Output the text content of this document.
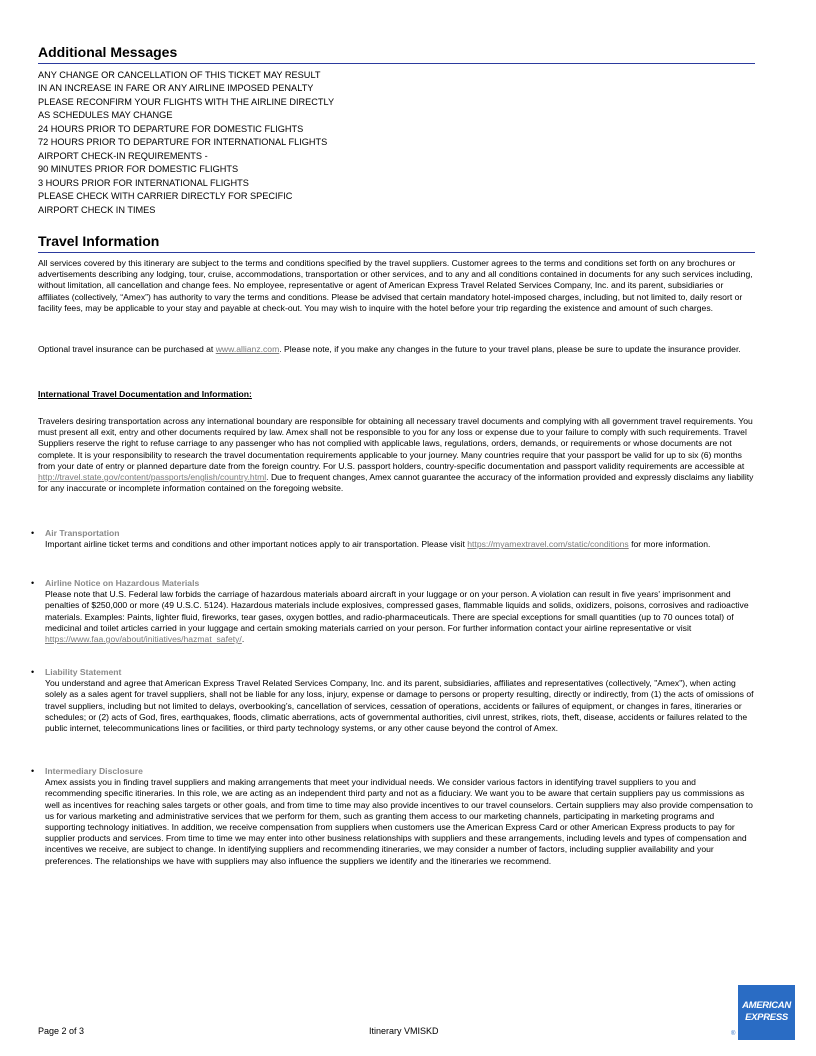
Additional Messages
ANY CHANGE OR CANCELLATION OF THIS TICKET MAY RESULT
IN AN INCREASE IN FARE OR ANY AIRLINE IMPOSED PENALTY
PLEASE RECONFIRM YOUR FLIGHTS WITH THE AIRLINE DIRECTLY
AS SCHEDULES MAY CHANGE
24 HOURS PRIOR TO DEPARTURE FOR DOMESTIC FLIGHTS
72 HOURS PRIOR TO DEPARTURE FOR INTERNATIONAL FLIGHTS
AIRPORT CHECK-IN REQUIREMENTS -
90 MINUTES PRIOR FOR DOMESTIC FLIGHTS
3 HOURS PRIOR FOR INTERNATIONAL FLIGHTS
PLEASE CHECK WITH CARRIER DIRECTLY FOR SPECIFIC
AIRPORT CHECK IN TIMES
Travel Information

All services covered by this itinerary are subject to the terms and conditions specified by the travel suppliers. Customer agrees to the terms and conditions set forth on any brochures or advertisements describing any lodging, tour, cruise, accommodations, transportation or other services, and to any and all conditions contained in documents for any such services including, without limitation, all cancellation and change fees. No employee, representative or agent of American Express Travel Related Services Company, Inc. and its parent, subsidiaries or affiliates (collectively, “Amex”) has authority to vary the terms and conditions. Please be advised that certain mandatory hotel-imposed charges, including, but not limited to, daily resort or facility fees, may be applicable to your stay and payable at check-out. You may wish to inquire with the hotel before your trip regarding the existence and amount of such charges.

Optional travel insurance can be purchased at www.allianz.com. Please note, if you make any changes in the future to your travel plans, please be sure to update the insurance provider.

International Travel Documentation and Information:

Travelers desiring transportation across any international boundary are responsible for obtaining all necessary travel documents and complying with all government travel requirements. You must present all exit, entry and other documents required by law. Amex shall not be responsible to you for any loss or expense due to your failure to comply with such requirements. Travel Suppliers reserve the right to refuse carriage to any passenger who has not complied with applicable laws, regulations, orders, demands, or requirements or whose documents are not complete. It is your responsibility to research the travel documentation requirements applicable to your journey. Many countries require that your passport be valid for up to six (6) months from your date of entry or planned departure date from the foreign country. For U.S. passport holders, country-specific documentation and passport validity requirements are accessible at http://travel.state.gov/content/passports/english/country.html. Due to frequent changes, Amex cannot guarantee the accuracy of the information provided and expressly disclaims any liability for any inaccurate or incomplete information contained on the foregoing website.

• Air Transportation
Important airline ticket terms and conditions and other important notices apply to air transportation. Please visit https://myamextravel.com/static/conditions for more information.
• Airline Notice on Hazardous Materials
Please note that U.S. Federal law forbids the carriage of hazardous materials aboard aircraft in your luggage or on your person. A violation can result in five years' imprisonment and penalties of $250,000 or more (49 U.S.C. 5124). Hazardous materials include explosives, compressed gases, flammable liquids and solids, oxidizers, poisons, corrosives and radioactive materials. Examples: Paints, lighter fluid, fireworks, tear gases, oxygen bottles, and radio-pharmaceuticals. There are special exceptions for small quantities (up to 70 ounces total) of medicinal and toilet articles carried in your luggage and certain smoking materials carried on your person. For further information contact your airline representative or visit https://www.faa.gov/about/initiatives/hazmat_safety/.
• Liability Statement
You understand and agree that American Express Travel Related Services Company, Inc. and its parent, subsidiaries, affiliates and representatives (collectively, "Amex"), when acting solely as a sales agent for travel suppliers, shall not be liable for any loss, injury, expense or damage to persons or property resulting, directly or indirectly, from (1) the acts of omissions of travel suppliers, including but not limited to delays, overbooking’s, cancellation of services, cessation of operations, accidents or failures of equipment, or changes in fares, itineraries or schedules; or (2) acts of God, fires, earthquakes, floods, climatic aberrations, acts of governmental authorities, civil unrest, strikes, riots, theft, disease, accidents or failures related to the public internet, telecommunications lines or facilities, or third party technology systems, or any other cause beyond the control of Amex.
• Intermediary Disclosure
Amex assists you in finding travel suppliers and making arrangements that meet your individual needs. We consider various factors in identifying travel suppliers to you and recommending specific itineraries. In this role, we are acting as an independent third party and not as a fiduciary. We want you to be aware that certain suppliers pay us commissions as well as incentives for reaching sales targets or other goals, and from time to time may also provide incentives to our travel counselors. Certain suppliers may also provide compensation to us for various marketing and administrative services that we perform for them, such as granting them access to our marketing channels, participating in marketing programs and supporting technology initiatives. In addition, we receive compensation from suppliers when customers use the American Express Card or other American Express products to pay for supplier products and services. From time to time we may enter into other business relationships with suppliers and these arrangements, including levels and types of compensation and incentives we receive, are subject to change. In identifying suppliers and recommending itineraries, we may consider a number of factors, including supplier availability and your preferences. The relationships we have with suppliers may also influence the suppliers we identify and the itineraries we recommend.
Page 2 of 3	Itinerary VMISKD
AMERICAN
EXPRESS
®
